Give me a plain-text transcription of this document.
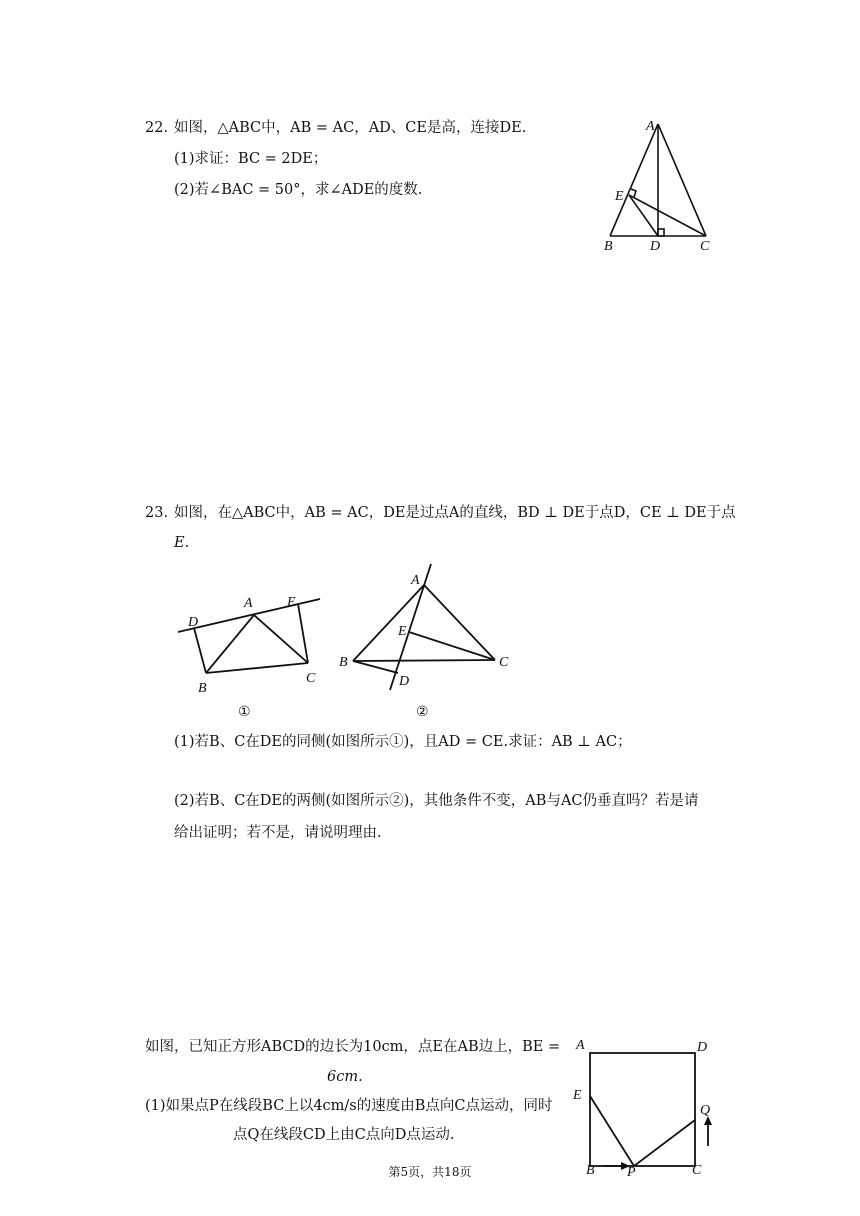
22. 如图，△ABC中，AB = AC，AD、CE是高，连接DE.
(1)求证：BC = 2DE；
(2)若∠BAC = 50°，求∠ADE的度数.
A
E
B	D	C
23. 如图，在△ABC中，AB = AC，DE是过点A的直线，BD ⊥ DE于点D，CE ⊥ DE于点
E.
D
A E
B
C
①
A
E
B	C
D
②
(1)若B、C在DE的同侧(如图所示①)，且AD = CE.求证：AB ⊥ AC；
(2)若B、C在DE的两侧(如图所示②)，其他条件不变，AB与AC仍垂直吗？若是请
给出证明；若不是，请说明理由.
如图，已知正方形ABCD的边长为10cm，点E在AB边上，BE =
6cm.
(1)如果点P在线段BC上以4cm/s的速度由B点向C点运动，同时
点Q在线段CD上由C点向D点运动.
A	D
E
Q
B P	C
第5页，共18页
